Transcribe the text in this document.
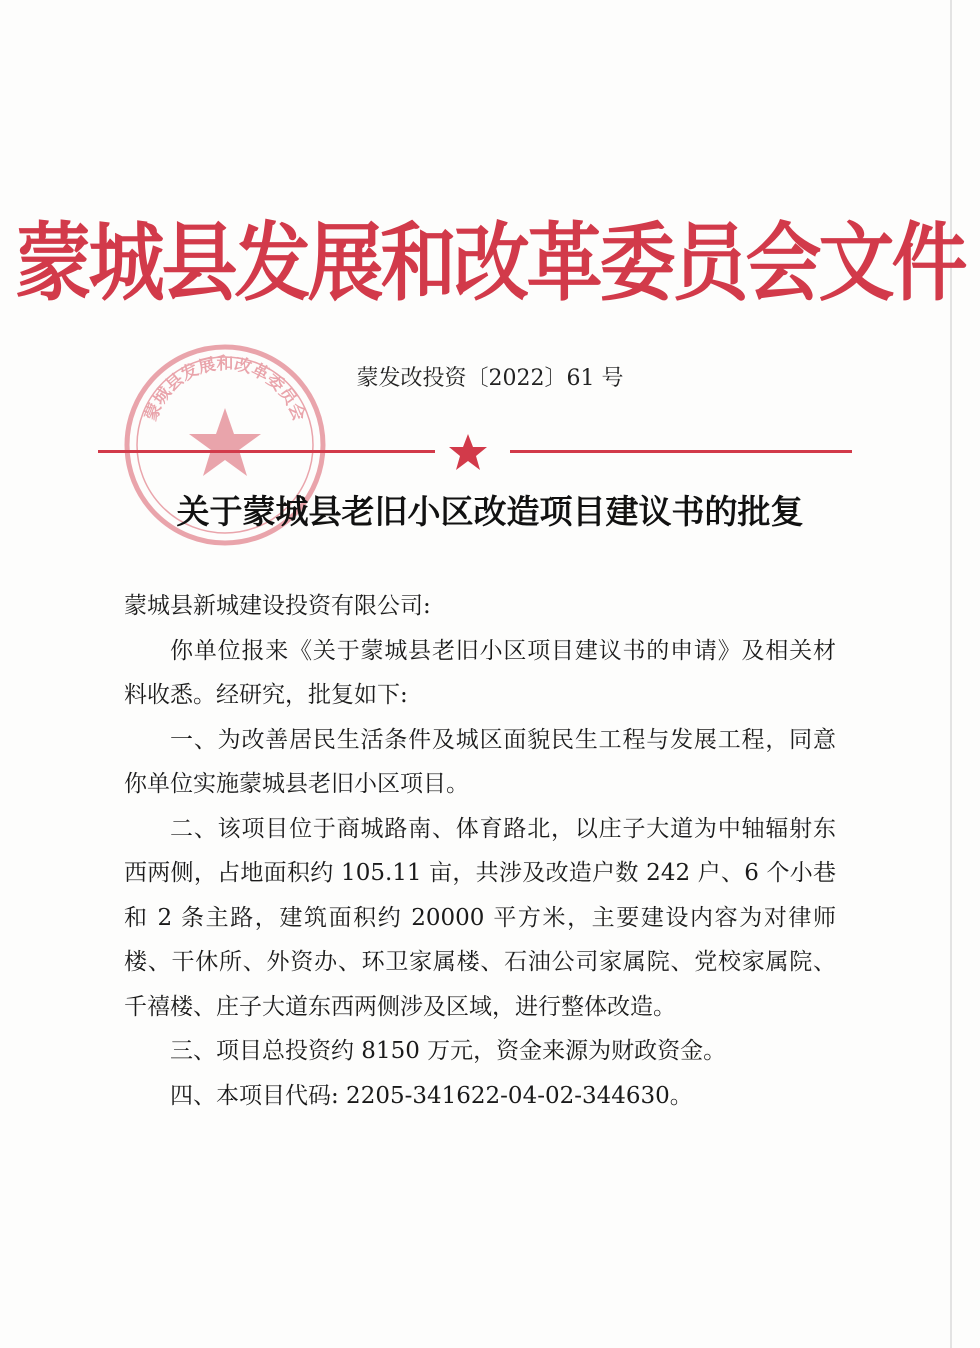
蒙城县发展和改革委员会文件
蒙城县发展和改革委员会
蒙发改投资〔2022〕61 号
关于蒙城县老旧小区改造项目建议书的批复

蒙城县新城建设投资有限公司:

你单位报来《关于蒙城县老旧小区项目建议书的申请》及相关材料收悉。经研究，批复如下:

一、为改善居民生活条件及城区面貌民生工程与发展工程，同意你单位实施蒙城县老旧小区项目。

二、该项目位于商城路南、体育路北，以庄子大道为中轴辐射东西两侧，占地面积约 105.11 亩，共涉及改造户数 242 户、6 个小巷和 2 条主路，建筑面积约 20000 平方米，主要建设内容为对律师楼、干休所、外资办、环卫家属楼、石油公司家属院、党校家属院、千禧楼、庄子大道东西两侧涉及区域，进行整体改造。

三、项目总投资约 8150 万元，资金来源为财政资金。

四、本项目代码: 2205-341622-04-02-344630。
